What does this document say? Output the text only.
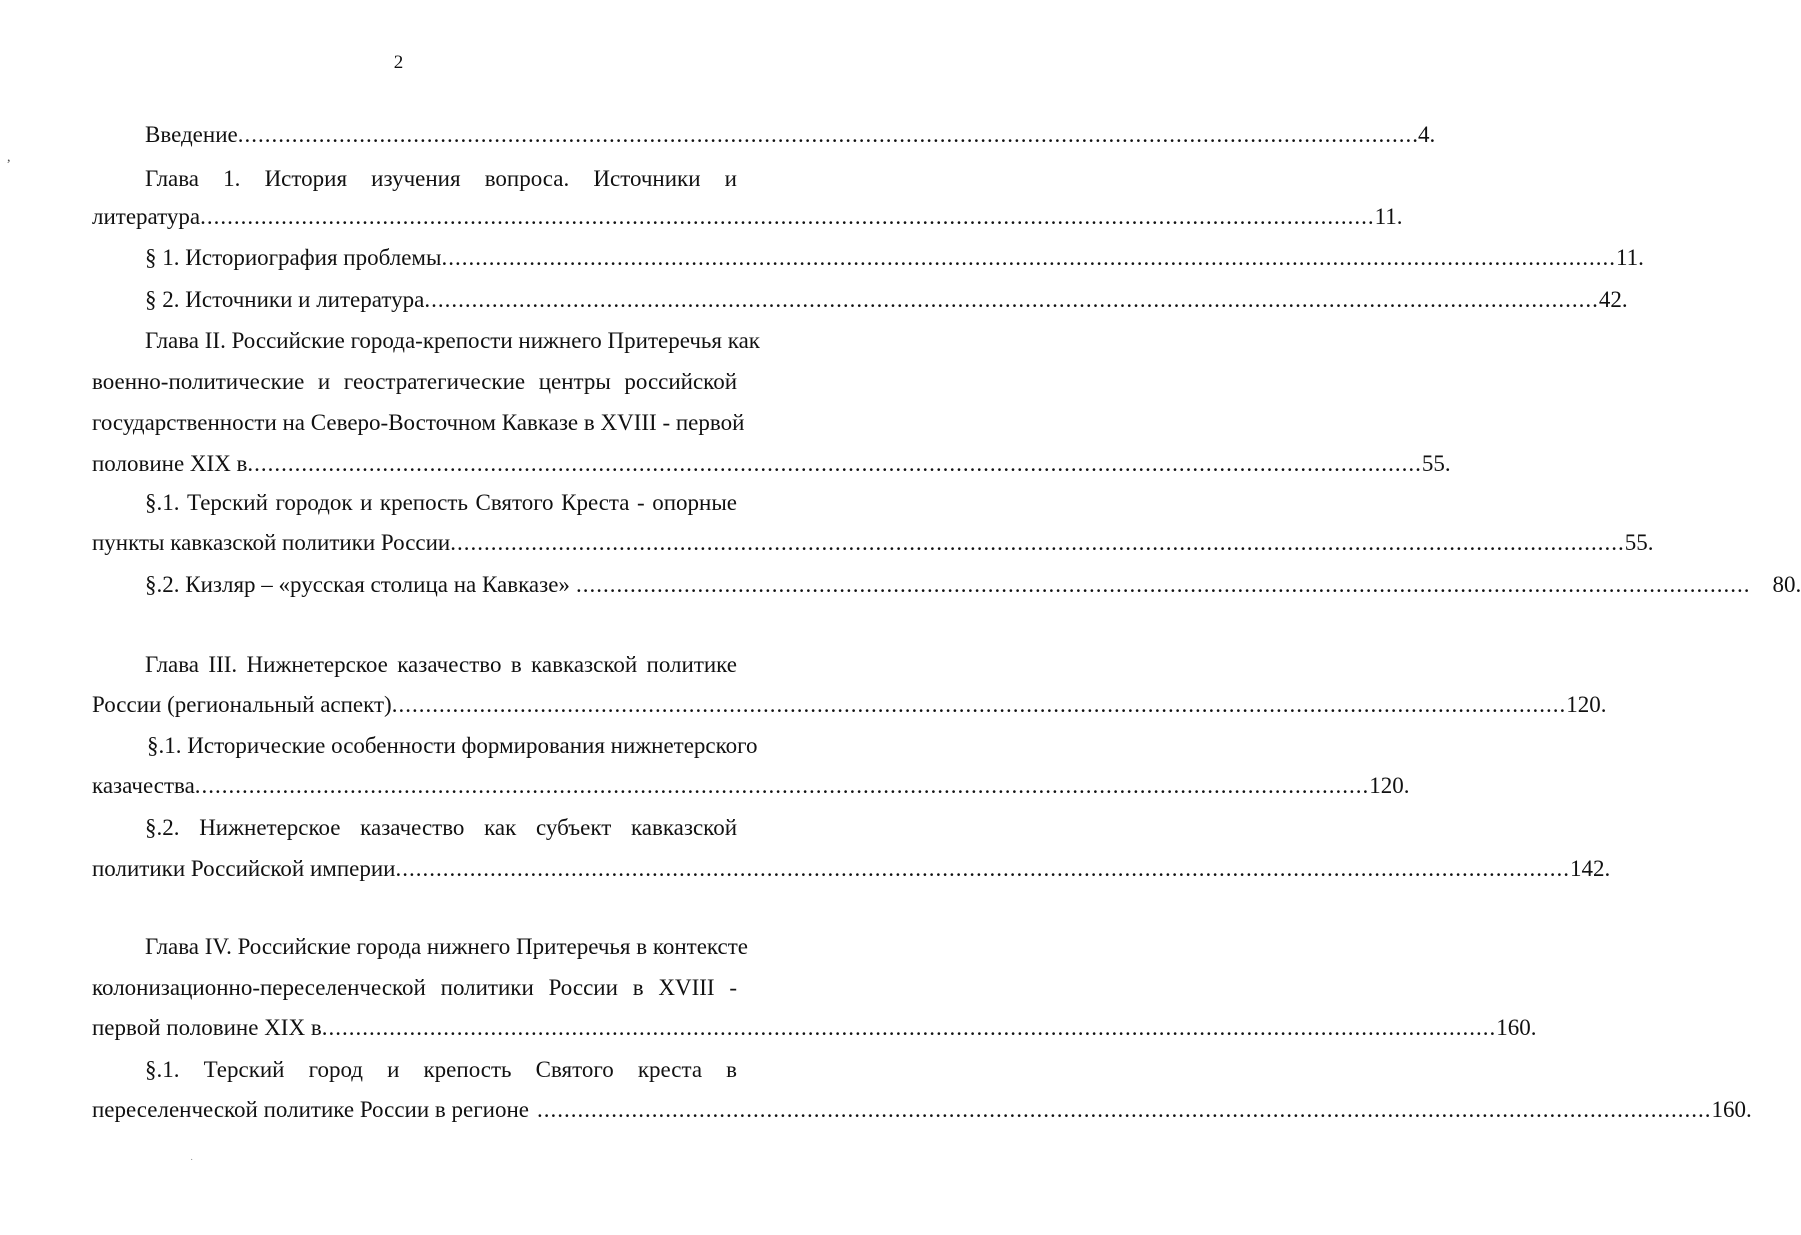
2
,
Введение .............................................................................................................................................................................. .4.
Глава 1. История изучения вопроса. Источники и
литература .............................................................................................................................................................................. 11.
§ 1. Историография проблемы .............................................................................................................................................................................. 11.
§ 2. Источники и литература .............................................................................................................................................................................. 42.
Глава II. Российские города-крепости нижнего Притеречья как
военно-политические и геостратегические центры российской
государственности на Северо-Восточном Кавказе в XVIII - первой
половине XIX в .............................................................................................................................................................................. 55.
§.1. Терский городок и крепость Святого Креста - опорные
пункты кавказской политики России .............................................................................................................................................................................. 55.
§.2. Кизляр – «русская столица на Кавказе» .............................................................................................................................................................................. 80.
Глава III. Нижнетерское казачество в кавказской политике
России (региональный аспект) .............................................................................................................................................................................. 120.
§.1. Исторические особенности формирования нижнетерского
казачества .............................................................................................................................................................................. 120.
§.2. Нижнетерское казачество как субъект кавказской
политики Российской империи .............................................................................................................................................................................. 142.
Глава IV. Российские города нижнего Притеречья в контексте
колонизационно-переселенческой политики России в XVIII -
первой половине XIX в .............................................................................................................................................................................. 160.
§.1. Терский город и крепость Святого креста в
переселенческой политике России в регионе .............................................................................................................................................................................. 160.
˙
